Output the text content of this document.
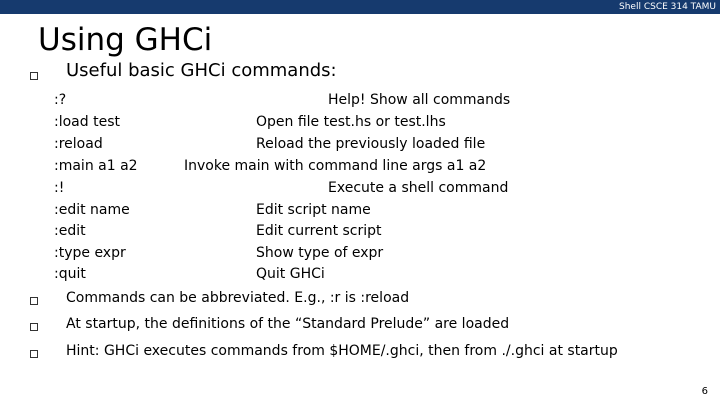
Shell CSCE 314 TAMU
Using GHCi
Useful basic GHCi commands:
:?	Help! Show all commands
:load test	Open file test.hs or test.lhs
:reload	Reload the previously loaded file
:main a1 a2	Invoke main with command line args a1 a2
:!	Execute a shell command
:edit name	Edit script name
:edit	Edit current script
:type expr	Show type of expr
:quit	Quit GHCi
Commands can be abbreviated. E.g., :r is :reload
At startup, the definitions of the “Standard Prelude” are loaded
Hint: GHCi executes commands from $HOME/.ghci, then from ./.ghci at startup
6
